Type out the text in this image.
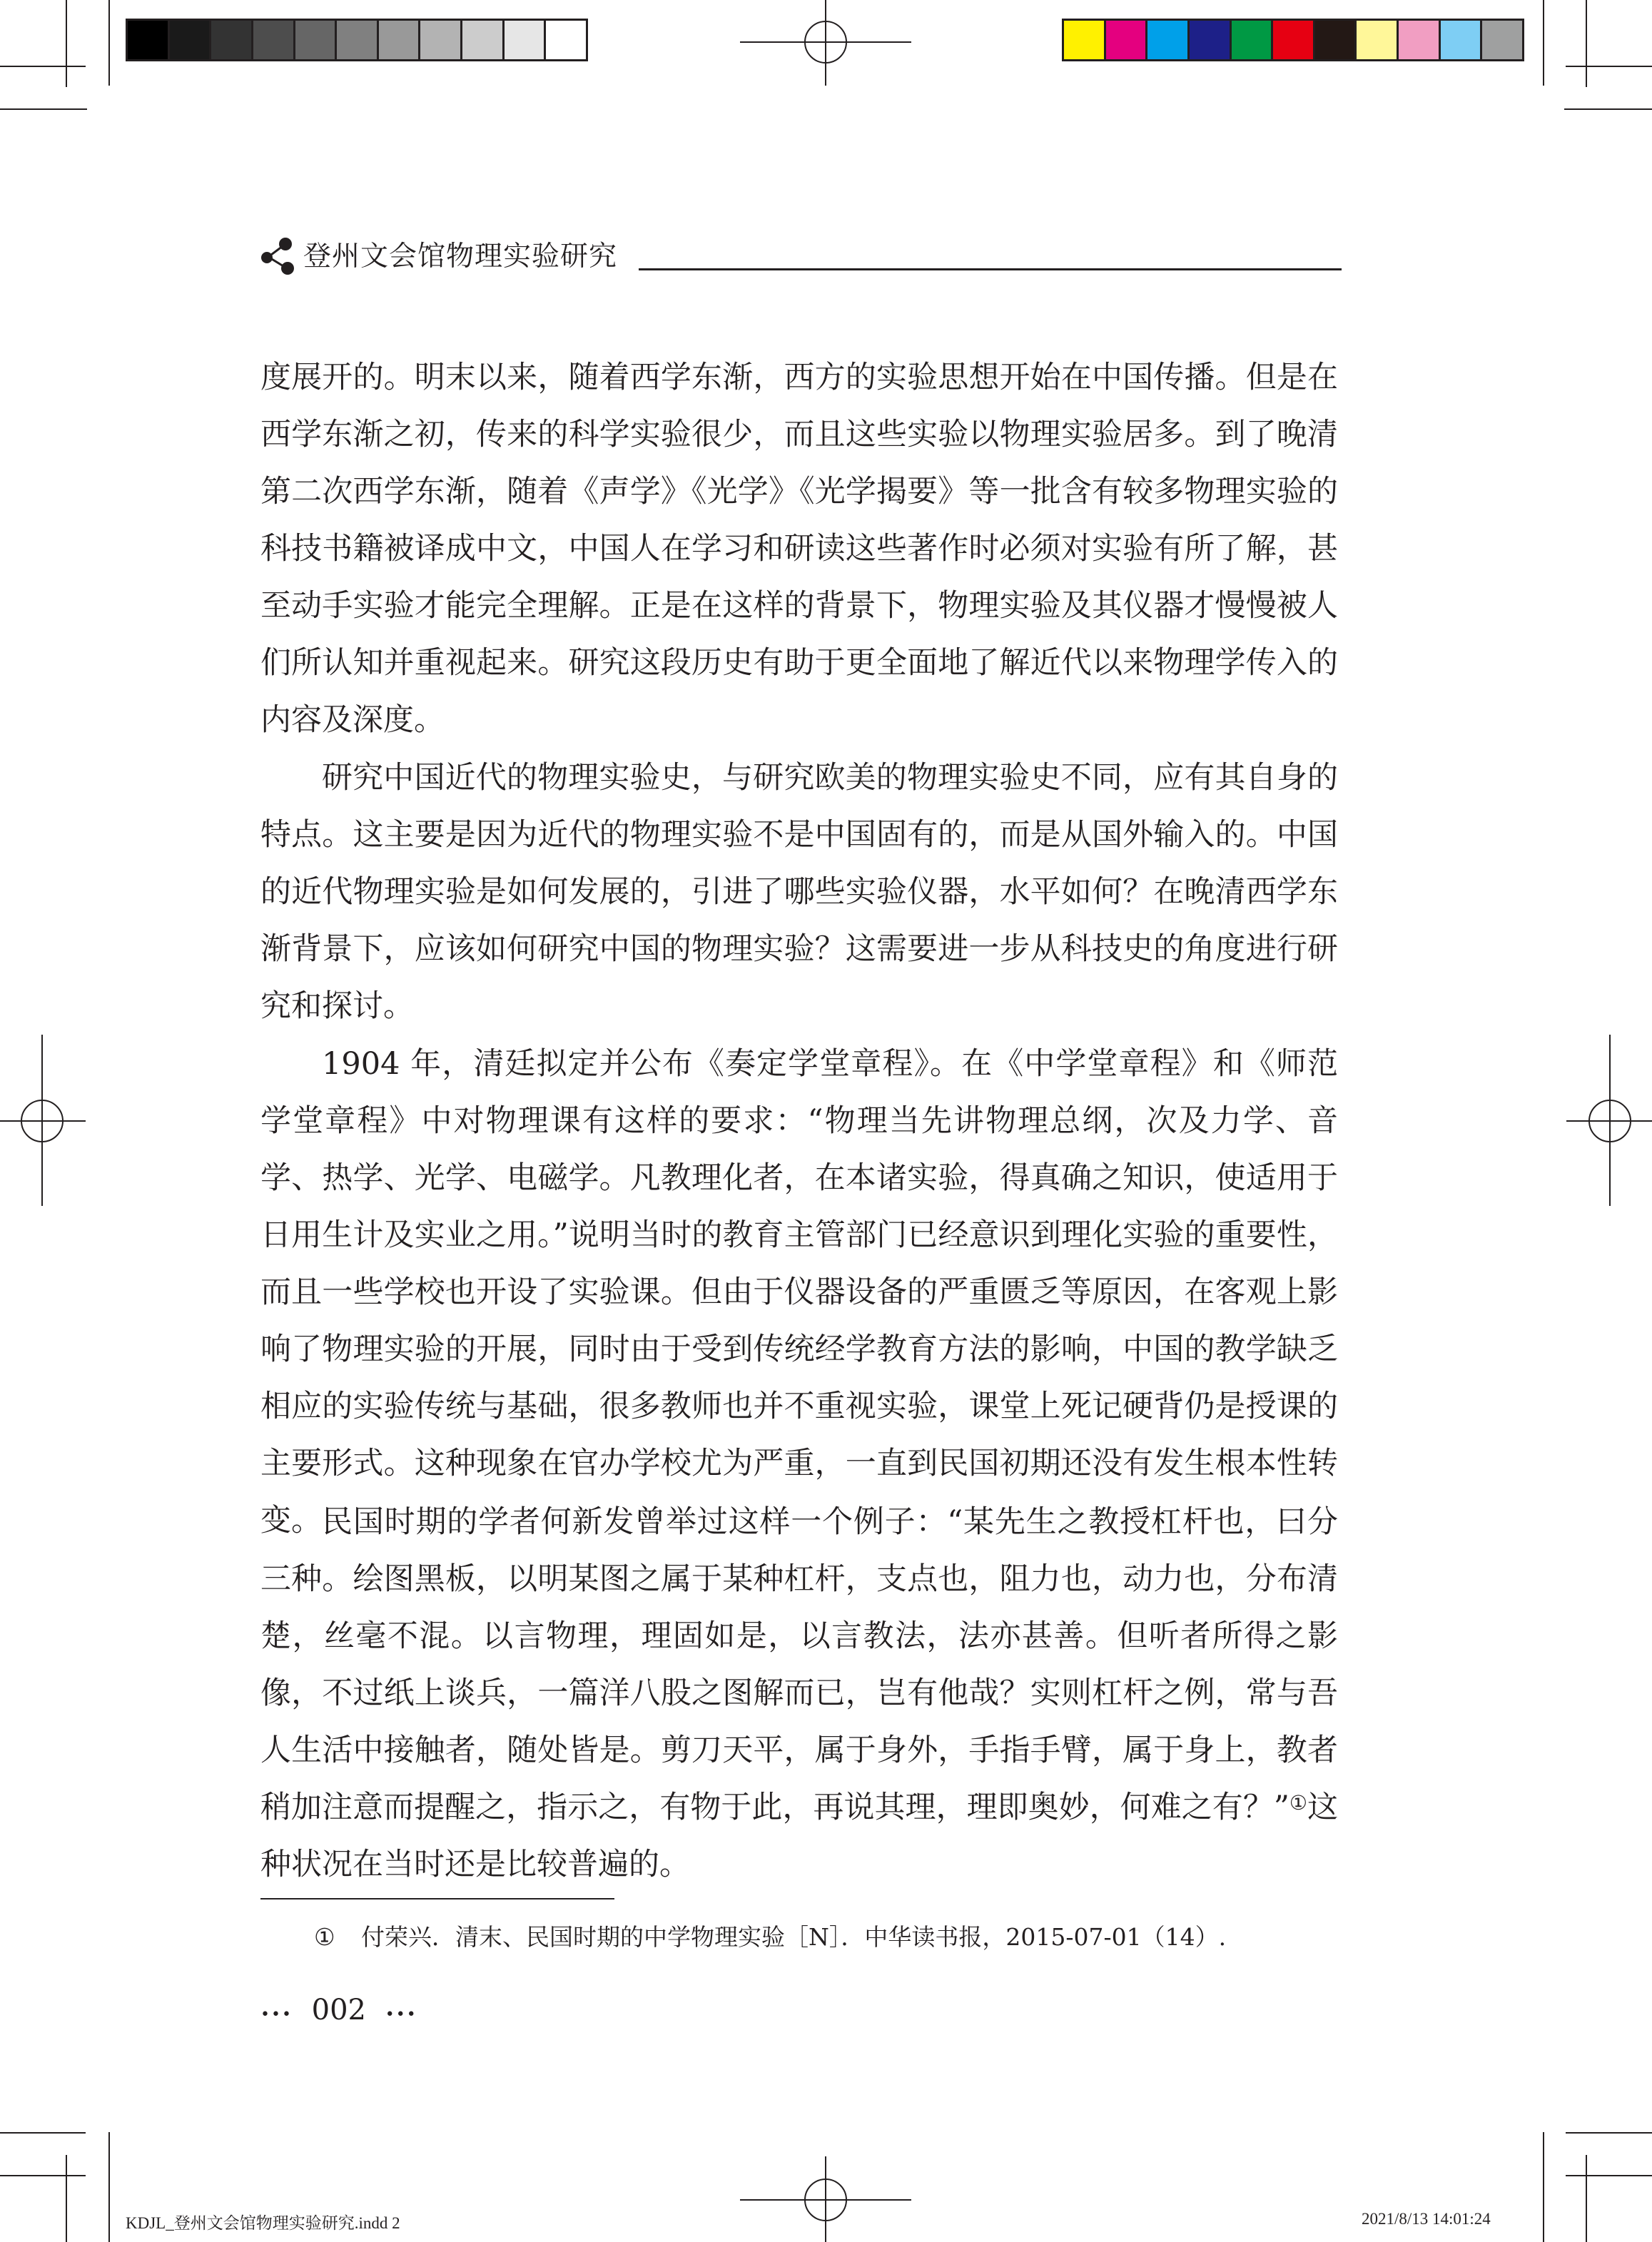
登州文会馆物理实验研究

度展开的。明末以来，随着西学东渐，西方的实验思想开始在中国传播。但是在西学东渐之初，传来的科学实验很少，而且这些实验以物理实验居多。到了晚清第二次西学东渐，随着《声学》《光学》《光学揭要》等一批含有较多物理实验的科技书籍被译成中文，中国人在学习和研读这些著作时必须对实验有所了解，甚至动手实验才能完全理解。正是在这样的背景下，物理实验及其仪器才慢慢被人们所认知并重视起来。研究这段历史有助于更全面地了解近代以来物理学传入的内容及深度。

研究中国近代的物理实验史，与研究欧美的物理实验史不同，应有其自身的特点。这主要是因为近代的物理实验不是中国固有的，而是从国外输入的。中国的近代物理实验是如何发展的，引进了哪些实验仪器，水平如何？在晚清西学东渐背景下，应该如何研究中国的物理实验？这需要进一步从科技史的角度进行研究和探讨。

1904 年，清廷拟定并公布《奏定学堂章程》。在《中学堂章程》和《师范学堂章程》中对物理课有这样的要求：“物理当先讲物理总纲，次及力学、音学、热学、光学、电磁学。凡教理化者，在本诸实验，得真确之知识，使适用于日用生计及实业之用。”说明当时的教育主管部门已经意识到理化实验的重要性，而且一些学校也开设了实验课。但由于仪器设备的严重匮乏等原因，在客观上影响了物理实验的开展，同时由于受到传统经学教育方法的影响，中国的教学缺乏相应的实验传统与基础，很多教师也并不重视实验，课堂上死记硬背仍是授课的主要形式。这种现象在官办学校尤为严重，一直到民国初期还没有发生根本性转变。 民国时期的学者何新发曾举过这样一个例子：“某先生之教授杠杆也，曰分三种。绘图黑板，以明某图之属于某种杠杆，支点也，阻力也，动力也，分布清楚，丝毫不混。以言物理，理固如是，以言教法，法亦甚善。但听者所得之影像，不过纸上谈兵，一篇洋八股之图解而已，岂有他哉？实则杠杆之例，常与吾人生活中接触者，随处皆是。剪刀天平，属于身外，手指手臂，属于身上，教者稍加注意而提醒之，指示之，有物于此，再说其理，理即奥妙，何难之有？”①这种状况在当时还是比较普遍的。

① 付荣兴．清末、民国时期的中学物理实验［N］．中华读书报，2015-07-01（14）.
••• 002 •••
KDJL_登州文会馆物理实验研究.indd 2	2021/8/13 14:01:24
